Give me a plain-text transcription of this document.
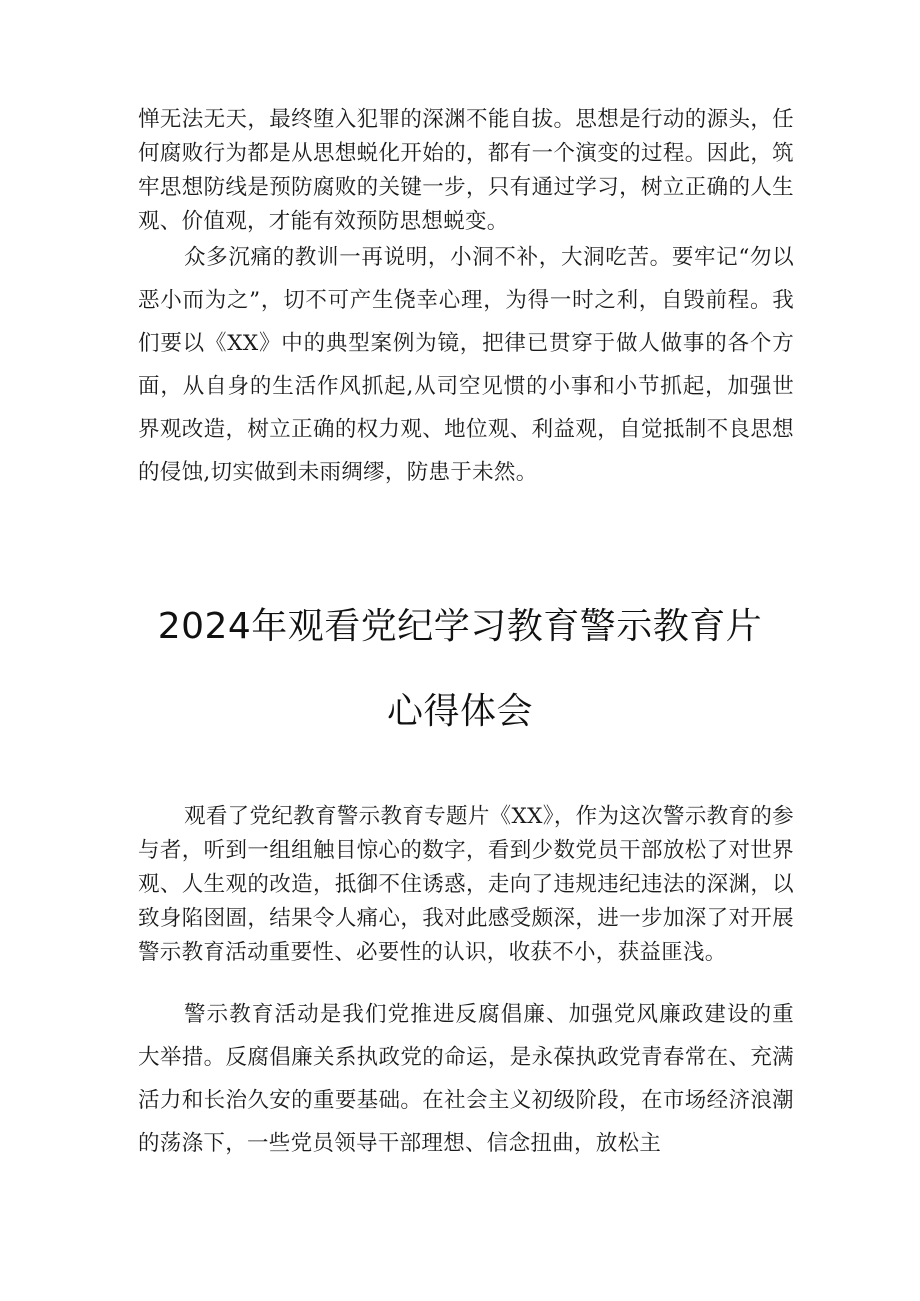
惮无法无天，最终堕入犯罪的深渊不能自拔。思想是行动的源头，任何腐败行为都是从思想蜕化开始的，都有一个演变的过程。因此，筑牢思想防线是预防腐败的关键一步，只有通过学习，树立正确的人生观、价值观，才能有效预防思想蜕变。

众多沉痛的教训一再说明，小洞不补，大洞吃苦。要牢记“勿以恶小而为之”，切不可产生侥幸心理，为得一时之利，自毁前程。我们要以《XX》中的典型案例为镜，把律已贯穿于做人做事的各个方面，从自身的生活作风抓起,从司空见惯的小事和小节抓起，加强世界观改造，树立正确的权力观、地位观、利益观，自觉抵制不良思想的侵蚀,切实做到未雨绸缪，防患于未然。

2024年观看党纪学习教育警示教育片
心得体会

观看了党纪教育警示教育专题片《XX》，作为这次警示教育的参与者，听到一组组触目惊心的数字，看到少数党员干部放松了对世界观、人生观的改造，抵御不住诱惑，走向了违规违纪违法的深渊，以致身陷囹圄，结果令人痛心，我对此感受颇深，进一步加深了对开展警示教育活动重要性、必要性的认识，收获不小，获益匪浅。

警示教育活动是我们党推进反腐倡廉、加强党风廉政建设的重大举措。反腐倡廉关系执政党的命运，是永葆执政党青春常在、充满活力和长治久安的重要基础。在社会主义初级阶段，在市场经济浪潮的荡涤下，一些党员领导干部理想、信念扭曲，放松主
